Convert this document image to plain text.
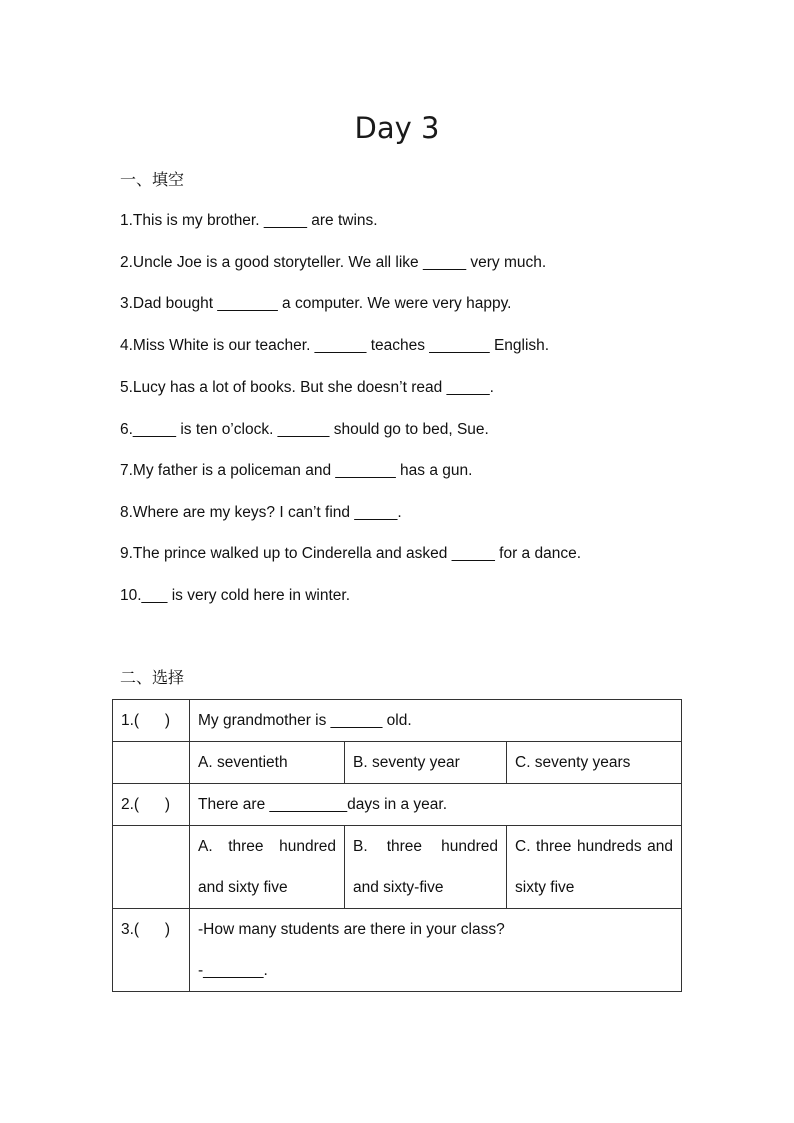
Day 3
一、填空
1.This is my brother. _____ are twins.
2.Uncle Joe is a good storyteller. We all like _____ very much.
3.Dad bought _______ a computer. We were very happy.
4.Miss White is our teacher. ______ teaches _______ English.
5.Lucy has a lot of books. But she doesn’t read _____.
6._____ is ten o’clock. ______ should go to bed, Sue.
7.My father is a policeman and _______ has a gun.
8.Where are my keys? I can’t find _____.
9.The prince walked up to Cinderella and asked _____ for a dance.
10.___ is very cold here in winter.
二、选择
1.(      )	My grandmother is ______ old.		
	A. seventieth	B. seventy year	C. seventy years
2.(      )	There are _________days in a year.		
	A. three hundred and sixty five	B. three hundred and sixty-five	C. three hundreds and sixty five
3.(      )	-How many students are there in your class?
-_______.		
